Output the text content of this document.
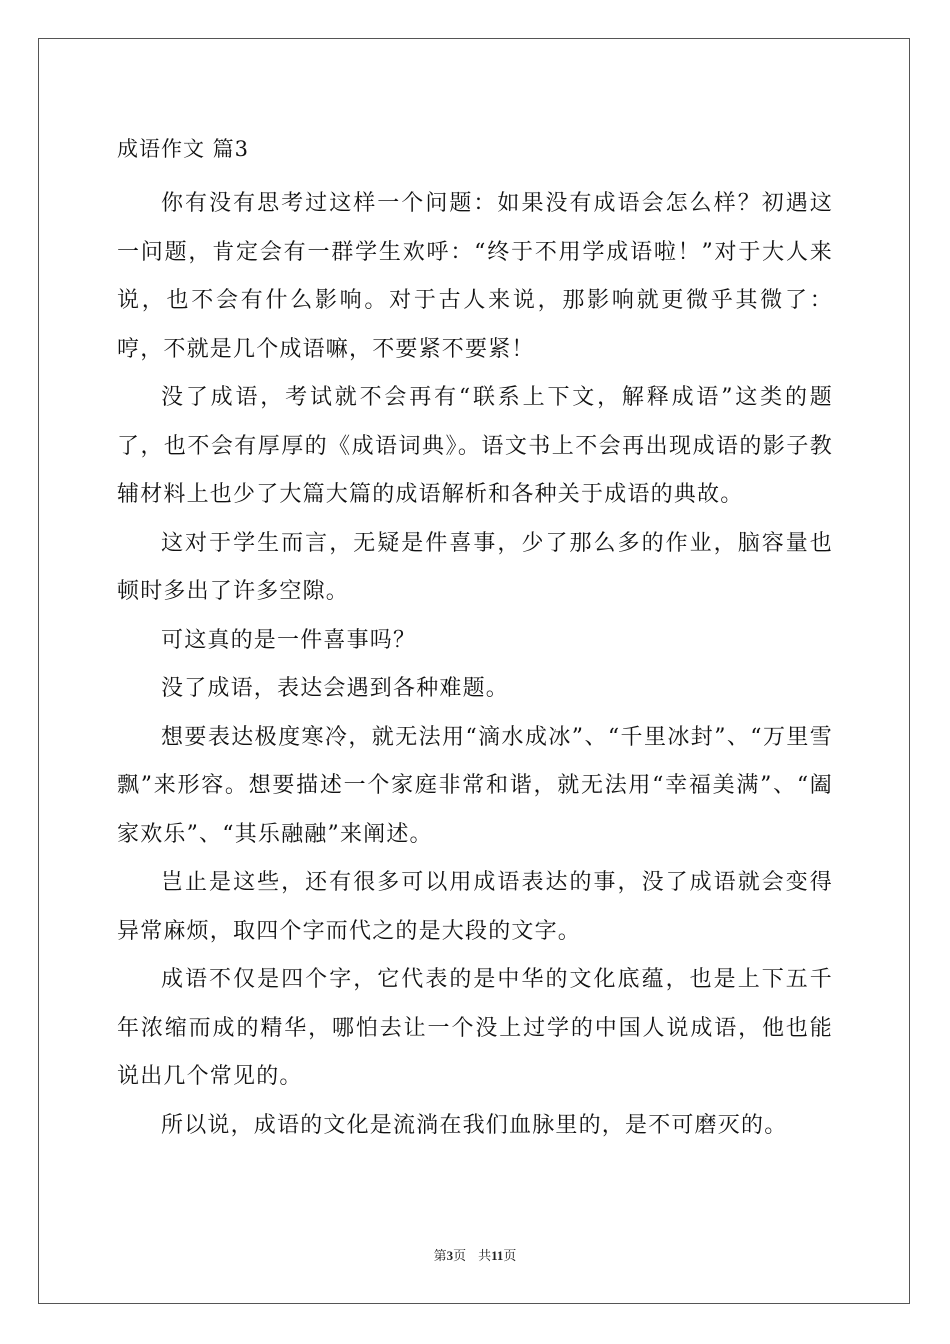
成语作文 篇3

你有没有思考过这样一个问题：如果没有成语会怎么样？初遇这一问题，肯定会有一群学生欢呼：“终于不用学成语啦！”对于大人来说，也不会有什么影响。对于古人来说，那影响就更微乎其微了：哼，不就是几个成语嘛，不要紧不要紧！

没了成语，考试就不会再有“联系上下文，解释成语”这类的题了，也不会有厚厚的《成语词典》。语文书上不会再出现成语的影子教辅材料上也少了大篇大篇的成语解析和各种关于成语的典故。

这对于学生而言，无疑是件喜事，少了那么多的作业，脑容量也顿时多出了许多空隙。

可这真的是一件喜事吗？

没了成语，表达会遇到各种难题。

想要表达极度寒冷，就无法用“滴水成冰”、“千里冰封”、“万里雪飘”来形容。想要描述一个家庭非常和谐，就无法用“幸福美满”、“阖家欢乐”、“其乐融融”来阐述。

岂止是这些，还有很多可以用成语表达的事，没了成语就会变得异常麻烦，取四个字而代之的是大段的文字。

成语不仅是四个字，它代表的是中华的文化底蕴，也是上下五千年浓缩而成的精华，哪怕去让一个没上过学的中国人说成语，他也能说出几个常见的。

所以说，成语的文化是流淌在我们血脉里的，是不可磨灭的。

第3页 共11页
